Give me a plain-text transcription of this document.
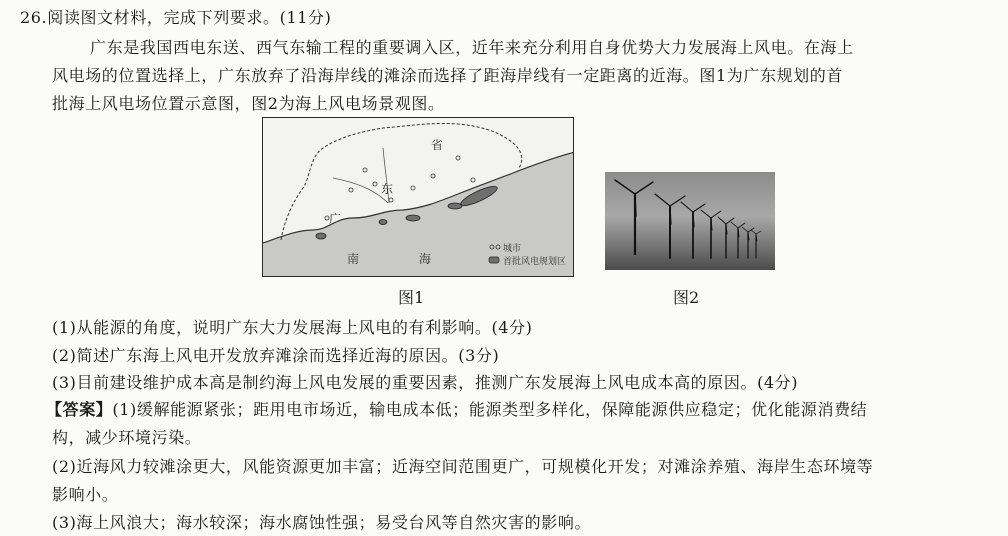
26.阅读图文材料，完成下列要求。(11分)
广东是我国西电东送、西气东输工程的重要调入区，近年来充分利用自身优势大力发展海上风电。在海上
风电场的位置选择上，广东放弃了沿海岸线的滩涂而选择了距海岸线有一定距离的近海。图1为广东规划的首
批海上风电场位置示意图，图2为海上风电场景观图。
广
东
省
南	海
城市
首批风电规划区
图1	图2
(1)从能源的角度，说明广东大力发展海上风电的有利影响。(4分)
(2)简述广东海上风电开发放弃滩涂而选择近海的原因。(3分)
(3)目前建设维护成本高是制约海上风电发展的重要因素，推测广东发展海上风电成本高的原因。(4分)
【答案】(1)缓解能源紧张；距用电市场近，输电成本低；能源类型多样化，保障能源供应稳定；优化能源消费结
构，减少环境污染。
(2)近海风力较滩涂更大，风能资源更加丰富；近海空间范围更广，可规模化开发；对滩涂养殖、海岸生态环境等
影响小。
(3)海上风浪大；海水较深；海水腐蚀性强；易受台风等自然灾害的影响。
